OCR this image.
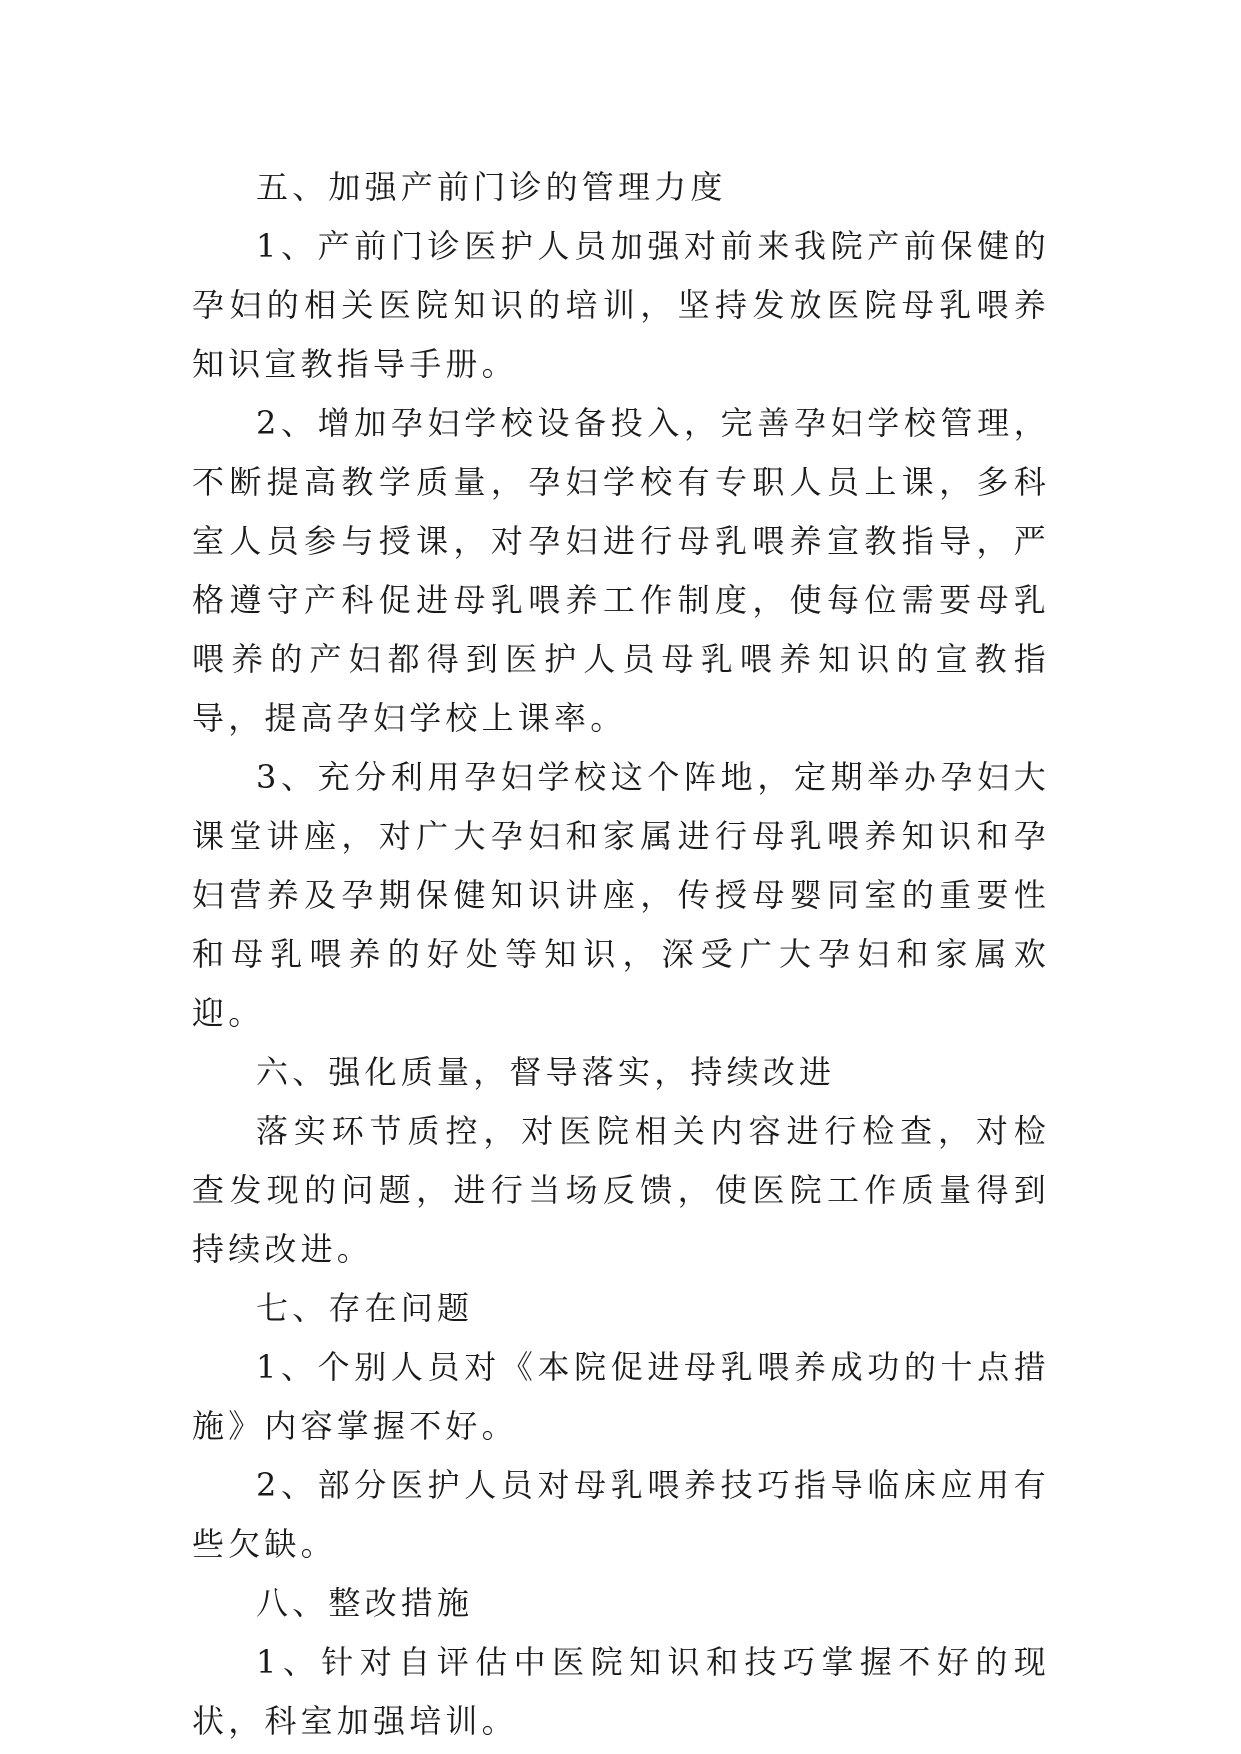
五、加强产前门诊的管理力度

1、产前门诊医护人员加强对前来我院产前保健的孕妇的相关医院知识的培训，坚持发放医院母乳喂养知识宣教指导手册。

2、增加孕妇学校设备投入，完善孕妇学校管理，不断提高教学质量，孕妇学校有专职人员上课，多科室人员参与授课，对孕妇进行母乳喂养宣教指导，严格遵守产科促进母乳喂养工作制度，使每位需要母乳喂养的产妇都得到医护人员母乳喂养知识的宣教指导，提高孕妇学校上课率。

3、充分利用孕妇学校这个阵地，定期举办孕妇大课堂讲座，对广大孕妇和家属进行母乳喂养知识和孕妇营养及孕期保健知识讲座，传授母婴同室的重要性和母乳喂养的好处等知识，深受广大孕妇和家属欢迎。

六、强化质量，督导落实，持续改进

落实环节质控，对医院相关内容进行检查，对检查发现的问题，进行当场反馈，使医院工作质量得到持续改进。

七、存在问题

1、个别人员对《本院促进母乳喂养成功的十点措施》内容掌握不好。

2、部分医护人员对母乳喂养技巧指导临床应用有些欠缺。

八、整改措施

1、针对自评估中医院知识和技巧掌握不好的现状，科室加强培训。
